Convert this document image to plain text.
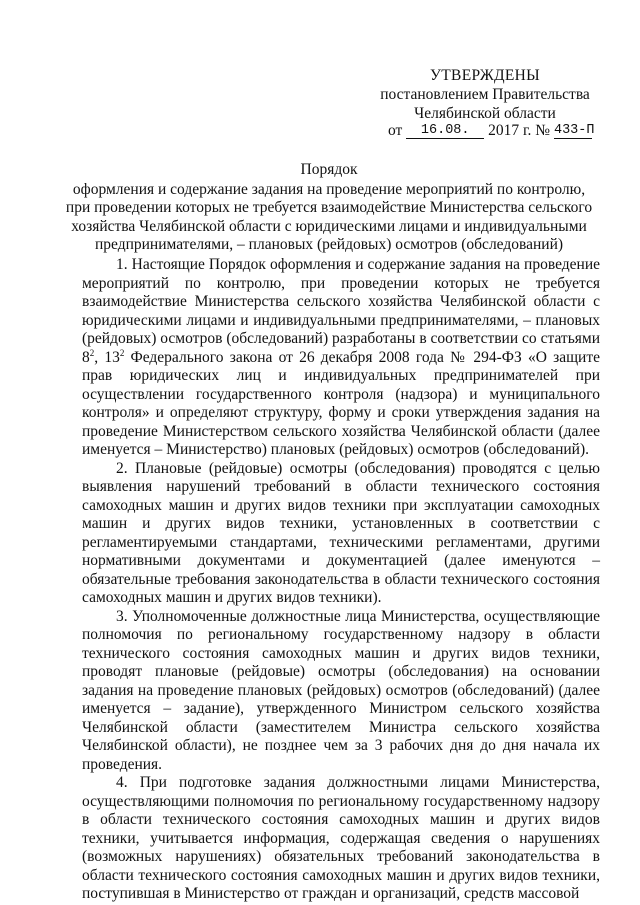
УТВЕРЖДЕНЫ
постановлением Правительства
Челябинской области
от 16.08. 2017 г. № 433-П
Порядок
оформления и содержание задания на проведение мероприятий по контролю, при проведении которых не требуется взаимодействие Министерства сельского хозяйства Челябинской области с юридическими лицами и индивидуальными предпринимателями, – плановых (рейдовых) осмотров (обследований)

1. Настоящие Порядок оформления и содержание задания на проведение мероприятий по контролю, при проведении которых не требуется взаимодействие Министерства сельского хозяйства Челябинской области с юридическими лицами и индивидуальными предпринимателями, – плановых (рейдовых) осмотров (обследований) разработаны в соответствии со статьями $8^2$, $13^2$ Федерального закона от 26 декабря 2008 года № 294-ФЗ «О защите прав юридических лиц и индивидуальных предпринимателей при осуществлении государственного контроля (надзора) и муниципального контроля» и определяют структуру, форму и сроки утверждения задания на проведение Министерством сельского хозяйства Челябинской области (далее именуется – Министерство) плановых (рейдовых) осмотров (обследований).

2. Плановые (рейдовые) осмотры (обследования) проводятся с целью выявления нарушений требований в области технического состояния самоходных машин и других видов техники при эксплуатации самоходных машин и других видов техники, установленных в соответствии с регламентируемыми стандартами, техническими регламентами, другими нормативными документами и документацией (далее именуются – обязательные требования законодательства в области технического состояния самоходных машин и других видов техники).

3. Уполномоченные должностные лица Министерства, осуществляющие полномочия по региональному государственному надзору в области технического состояния самоходных машин и других видов техники, проводят плановые (рейдовые) осмотры (обследования) на основании задания на проведение плановых (рейдовых) осмотров (обследований) (далее именуется – задание), утвержденного Министром сельского хозяйства Челябинской области (заместителем Министра сельского хозяйства Челябинской области), не позднее чем за 3 рабочих дня до дня начала их проведения.

4. При подготовке задания должностными лицами Министерства, осуществляющими полномочия по региональному государственному надзору в области технического состояния самоходных машин и других видов техники, учитывается информация, содержащая сведения о нарушениях (возможных нарушениях) обязательных требований законодательства в области технического состояния самоходных машин и других видов техники, поступившая в Министерство от граждан и организаций, средств массовой
